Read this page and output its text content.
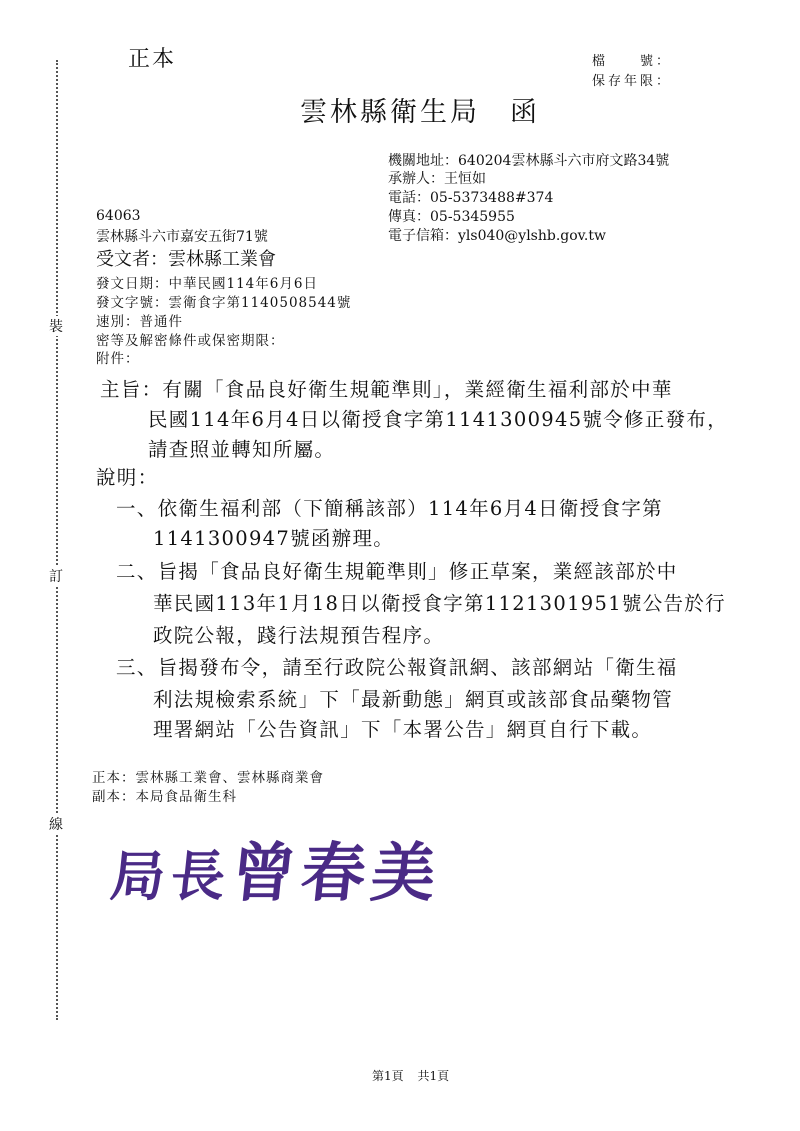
裝
訂
線
正本	檔　　號：
保存年限：
雲林縣衛生局　函
機關地址：640204雲林縣斗六市府文路34號
承辦人：王恒如
電話：05-5373488#374
傳真：05-5345955
電子信箱：yls040@ylshb.gov.tw
64063
雲林縣斗六市嘉安五街71號
受文者：雲林縣工業會
發文日期：中華民國114年6月6日
發文字號：雲衛食字第1140508544號
速別：普通件
密等及解密條件或保密期限：
附件：
主旨：有關「食品良好衛生規範準則」，業經衛生福利部於中華
民國114年6月4日以衛授食字第1141300945號令修正發布，
請查照並轉知所屬。
說明：
一、依衛生福利部（下簡稱該部）114年6月4日衛授食字第
1141300947號函辦理。
二、旨揭「食品良好衛生規範準則」修正草案，業經該部於中
華民國113年1月18日以衛授食字第1121301951號公告於行
政院公報，踐行法規預告程序。
三、旨揭發布令，請至行政院公報資訊網、該部網站「衛生福
利法規檢索系統」下「最新動態」網頁或該部食品藥物管
理署網站「公告資訊」下「本署公告」網頁自行下載。
正本：雲林縣工業會、雲林縣商業會
副本：本局食品衛生科
局長曾春美
第1頁 共1頁
